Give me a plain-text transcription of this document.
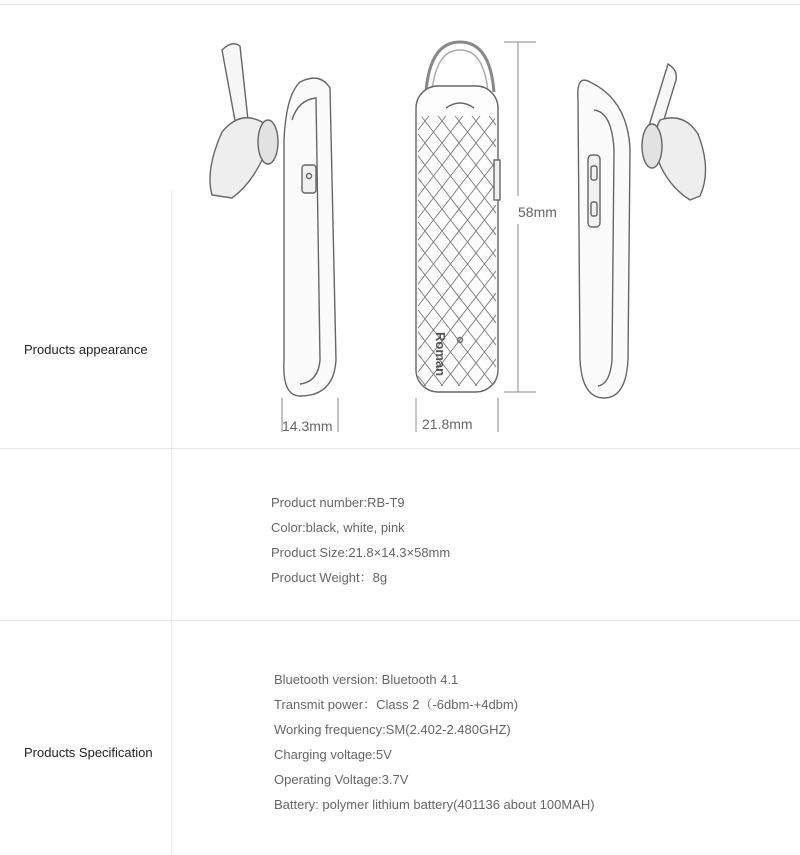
Products appearance	Roman
58mm
14.3mm	21.8mm
Product number:RB-T9
Color:black, white, pink
Product Size:21.8×14.3×58mm
Product Weight：8g
Products Specification
Bluetooth version: Bluetooth 4.1
Transmit power：Class 2（-6dbm-+4dbm)
Working frequency:SM(2.402-2.480GHZ)
Charging voltage:5V
Operating Voltage:3.7V
Battery: polymer lithium battery(401136 about 100MAH)
